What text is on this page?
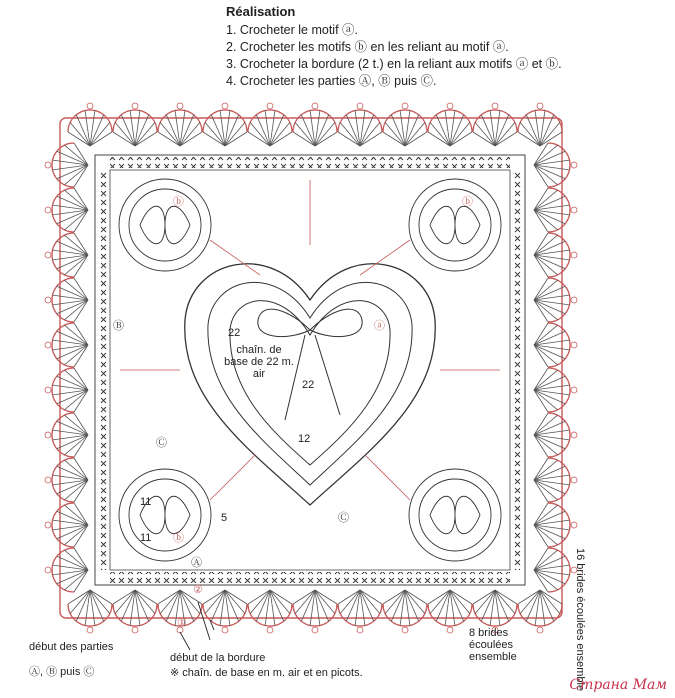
Réalisation
1. Crocheter le motif ⓐ.
2. Crocheter les motifs ⓑ en les reliant au motif ⓐ.
3. Crocheter la bordure (2 t.) en la reliant aux motifs ⓐ et ⓑ.
4. Crocheter les parties Ⓐ, Ⓑ puis Ⓒ.
ⓐ
ⓑ	ⓑ
ⓑ
22
22
12
chaîn. de base de 22 m. air
Ⓑ
Ⓒ
Ⓒ
Ⓐ
①
②
11
11
5
début des parties
Ⓐ, Ⓑ puis Ⓒ
début de la bordure
※ chaîn. de base en m. air et en picots.
8 brides écoulées ensemble	16 brides écoulées ensemble
Страна Мам
